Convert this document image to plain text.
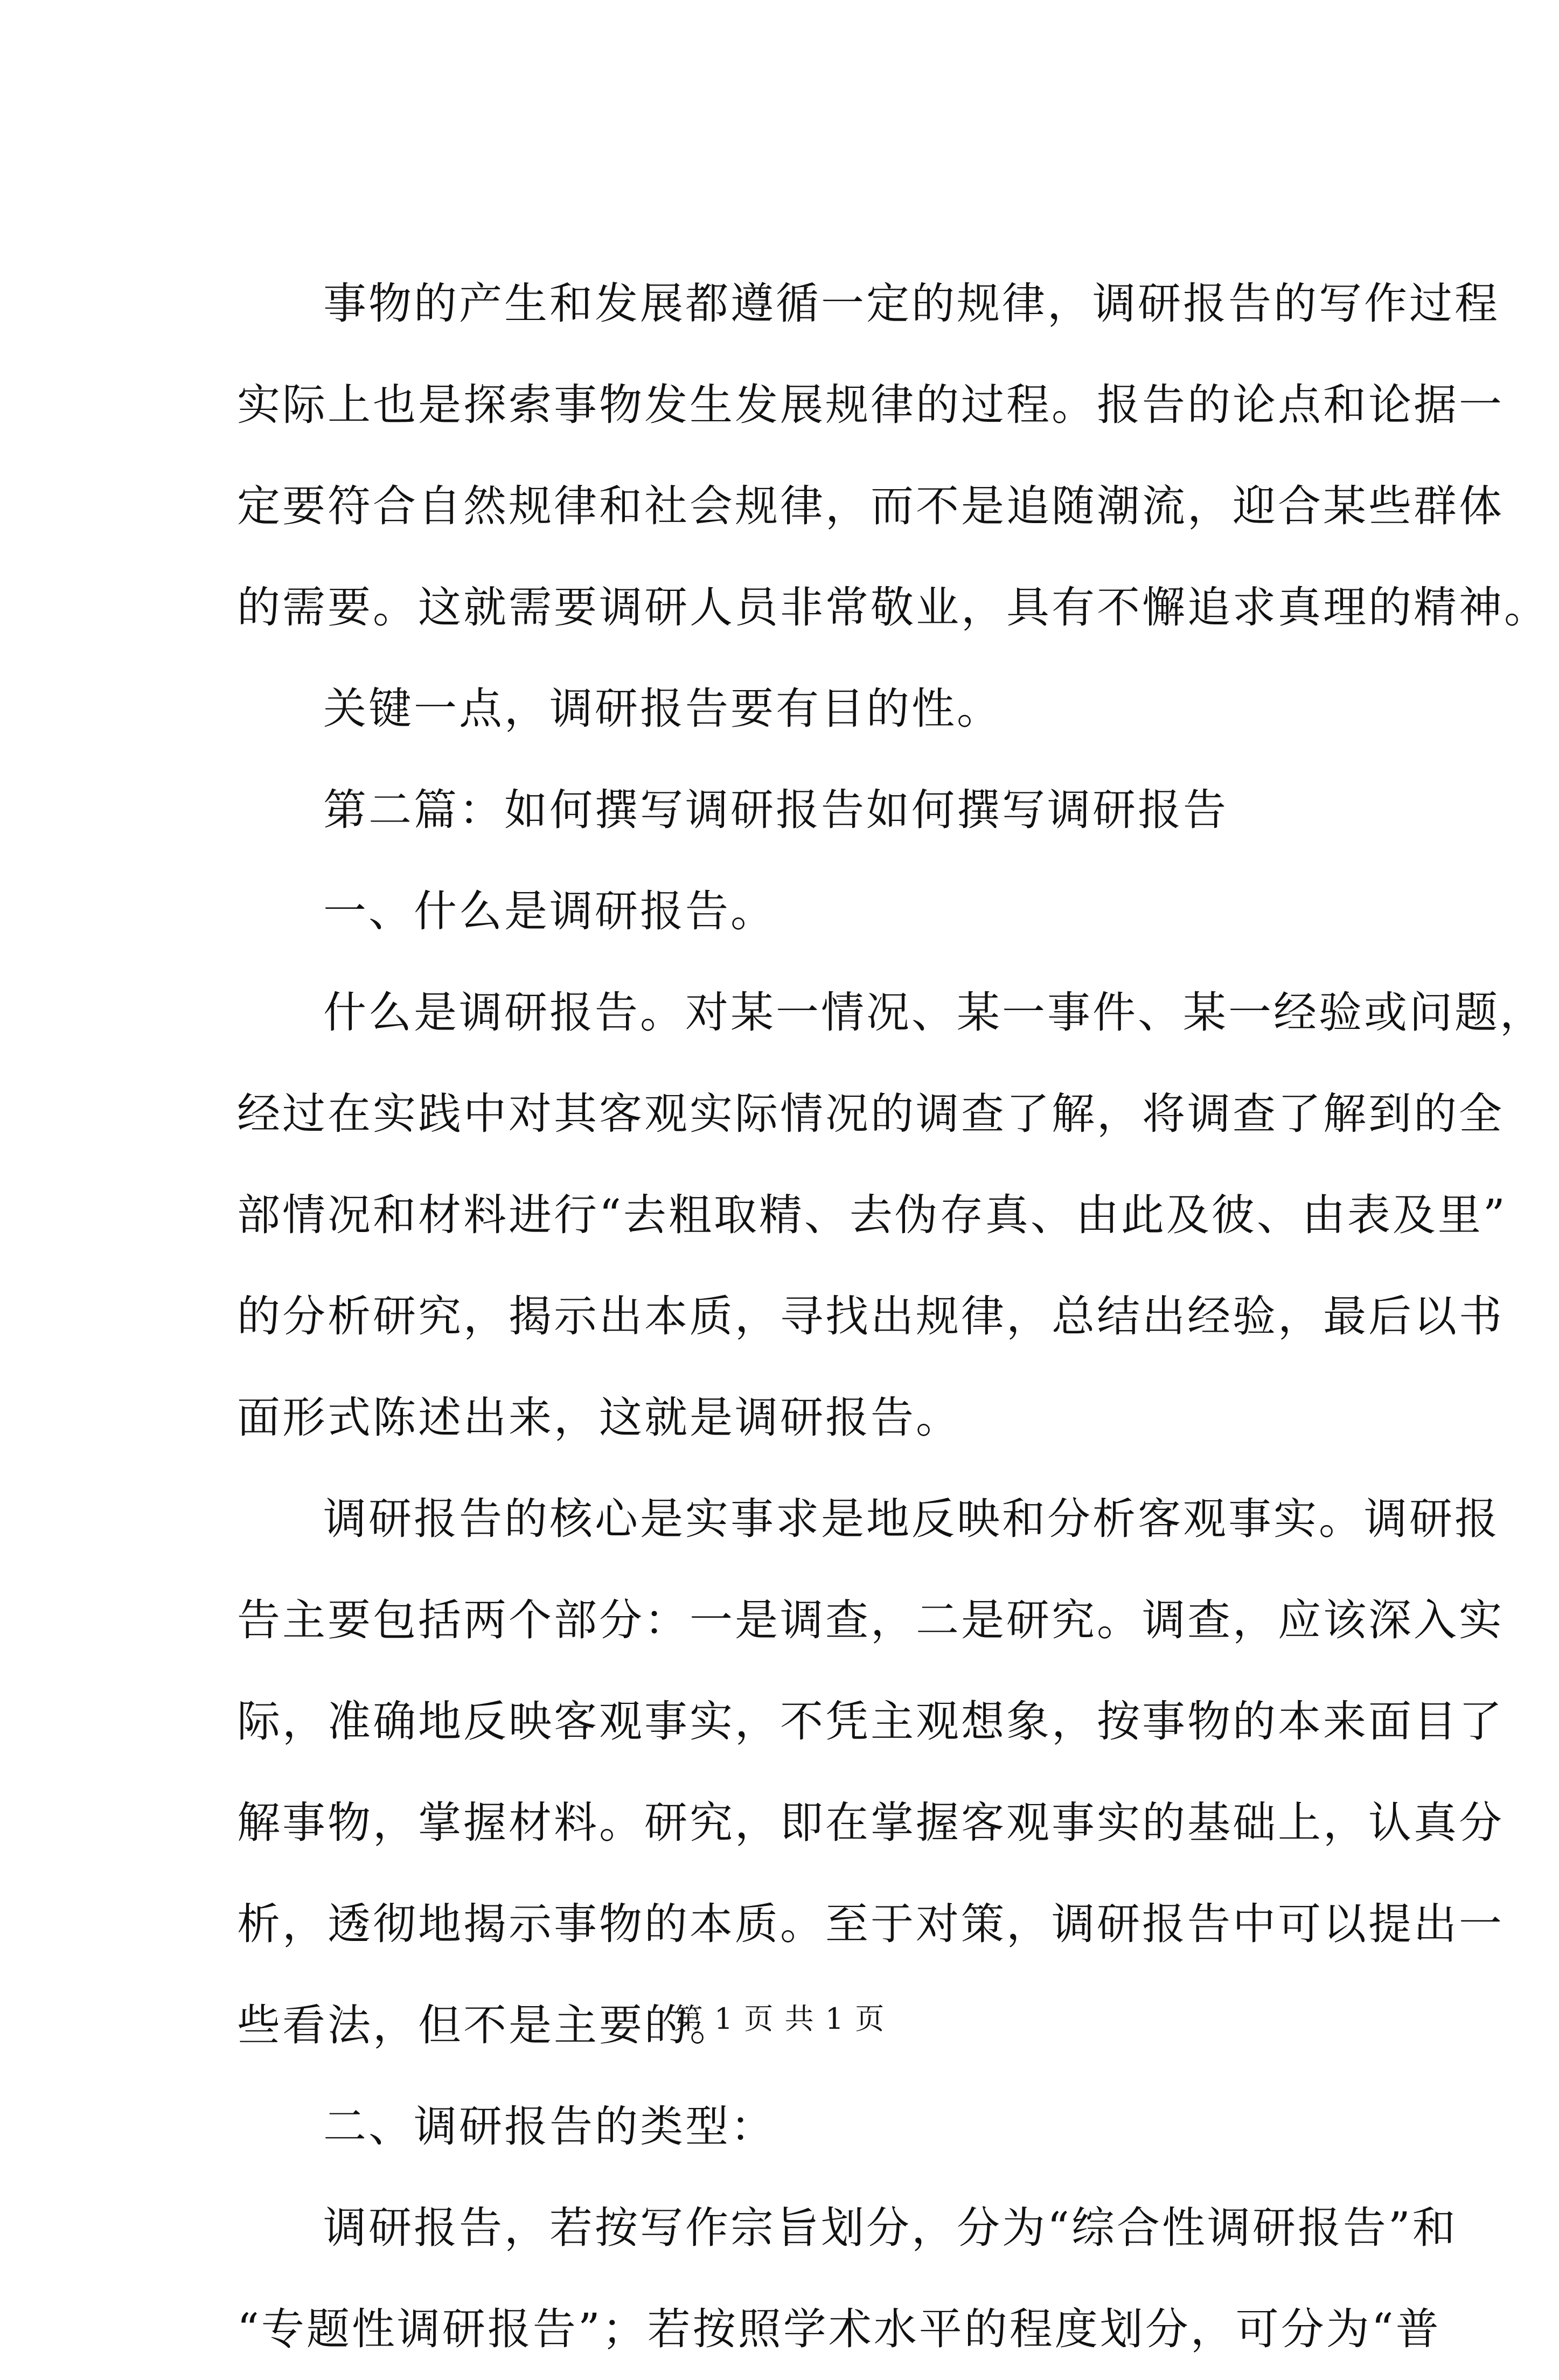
事物的产生和发展都遵循一定的规律，调研报告的写作过程
实际上也是探索事物发生发展规律的过程。报告的论点和论据一
定要符合自然规律和社会规律，而不是追随潮流，迎合某些群体
的需要。这就需要调研人员非常敬业，具有不懈追求真理的精神。
关键一点，调研报告要有目的性。
第二篇：如何撰写调研报告如何撰写调研报告
一、什么是调研报告。
什么是调研报告。对某一情况、某一事件、某一经验或问题，
经过在实践中对其客观实际情况的调查了解，将调查了解到的全
部情况和材料进行“去粗取精、去伪存真、由此及彼、由表及里”
的分析研究，揭示出本质，寻找出规律，总结出经验，最后以书
面形式陈述出来，这就是调研报告。
调研报告的核心是实事求是地反映和分析客观事实。调研报
告主要包括两个部分：一是调查，二是研究。调查，应该深入实
际，准确地反映客观事实，不凭主观想象，按事物的本来面目了
解事物，掌握材料。研究，即在掌握客观事实的基础上，认真分
析，透彻地揭示事物的本质。至于对策，调研报告中可以提出一
些看法，但不是主要的。
二、调研报告的类型：
调研报告，若按写作宗旨划分，分为“综合性调研报告”和
“专题性调研报告”；若按照学术水平的程度划分，可分为“普
第 1 页 共 1 页
